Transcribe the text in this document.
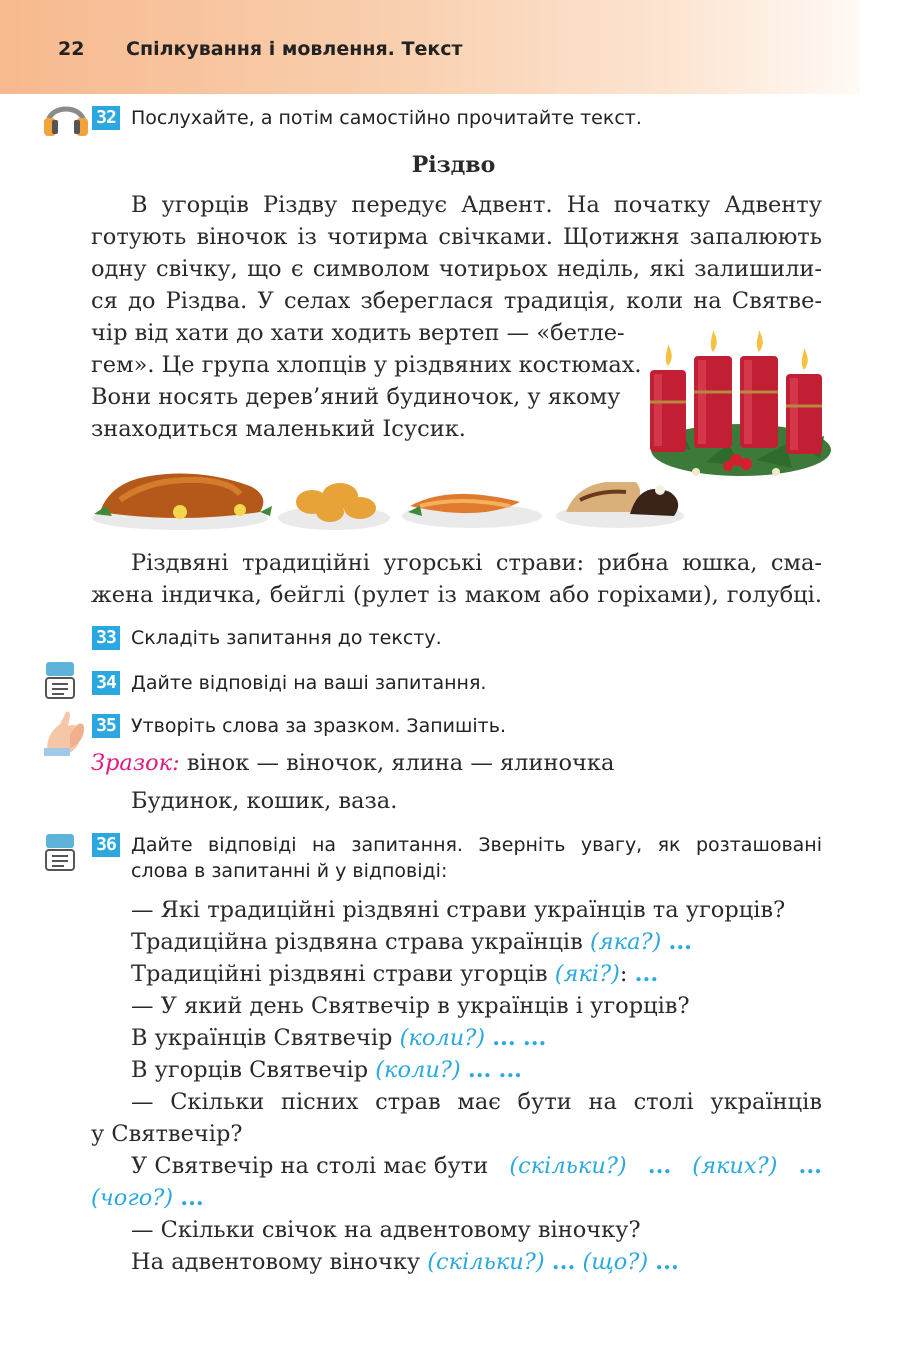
22 Спілкування і мовлення. Текст
32 Послухайте, а потім самостійно прочитайте текст.
Різдво
В угорців Різдву передує Адвент. На початку Адвенту
готують віночок із чотирма свічками. Щотижня запалюють
одну свічку, що є символом чотирьох неділь, які залишили-
ся до Різдва. У селах збереглася традиція, коли на Святве-
чір від хати до хати ходить вертеп — «бетле-
гем». Це група хлопців у різдвяних костюмах.
Вони носять дерев’яний будиночок, у якому
знаходиться маленький Ісусик.
Різдвяні традиційні угорські страви: рибна юшка, сма-
жена індичка, бейглі (рулет із маком або горіхами), голубці.
33 Складіть запитання до тексту.
34 Дайте відповіді на ваші запитання.
35 Утворіть слова за зразком. Запишіть.
Зразок: вінок — віночок, ялина — ялиночка
Будинок, кошик, ваза.
36 Дайте відповіді на запитання. Зверніть увагу, як розташовані
слова в запитанні й у відповіді:
— Які традиційні різдвяні страви українців та угорців?
Традиційна різдвяна страва українців (яка?) ...
Традиційні різдвяні страви угорців (які?): ...
— У який день Святвечір в українців і угорців?
В українців Святвечір (коли?) ... ...
В угорців Святвечір (коли?) ... ...
— Скільки пісних страв має бути на столі українців
у Святвечір?
У Святвечір на столі має бути (скільки?) ... (яких?) ...
(чого?) ...
— Скільки свічок на адвентовому віночку?
На адвентовому віночку (скільки?) ... (що?) ...
